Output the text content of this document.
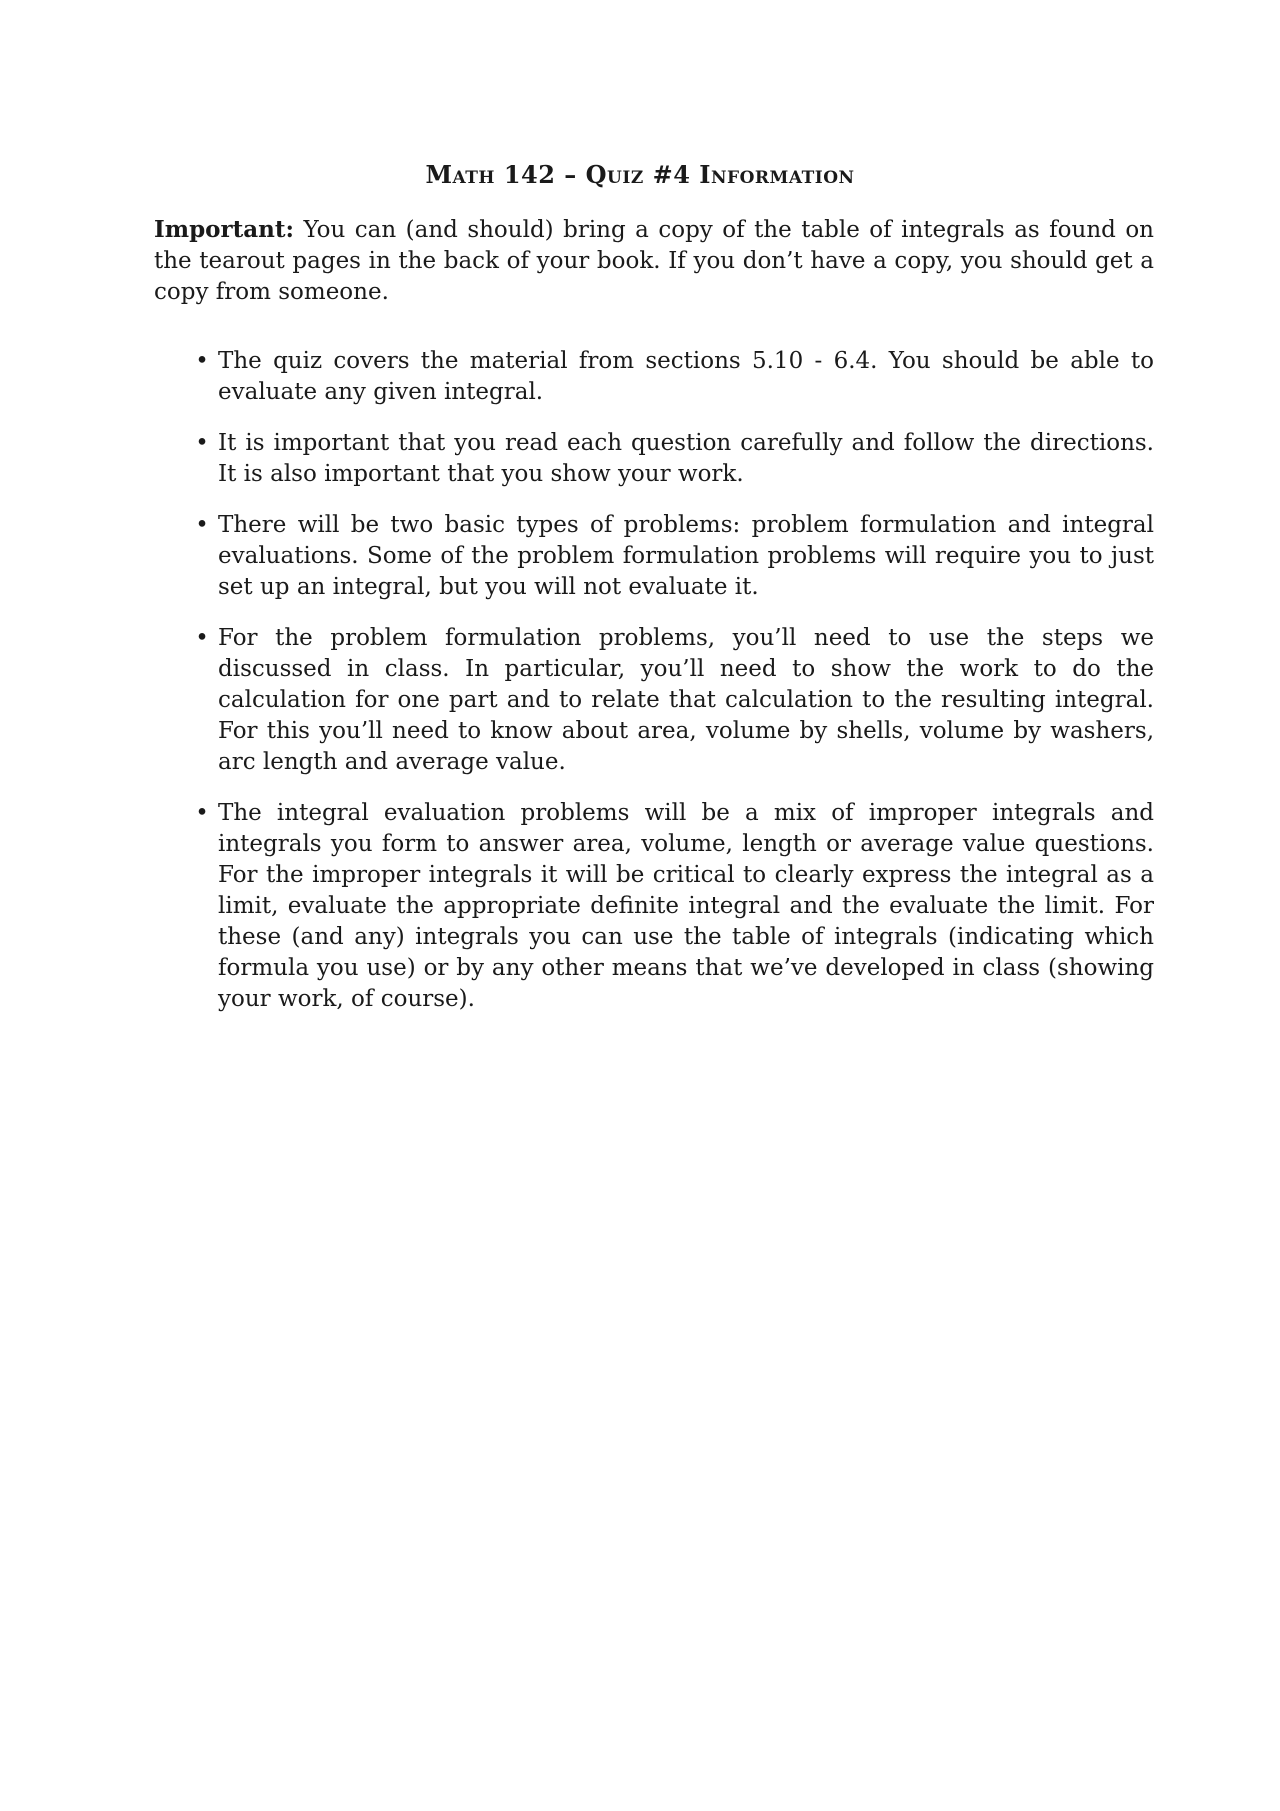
Math 142 – Quiz #4 Information

Important: You can (and should) bring a copy of the table of integrals as found on the tearout pages in the back of your book. If you don’t have a copy, you should get a copy from someone.

• The quiz covers the material from sections 5.10 - 6.4. You should be able to evaluate any given integral.
• It is important that you read each question carefully and follow the directions. It is also important that you show your work.
• There will be two basic types of problems: problem formulation and integral evaluations. Some of the problem formulation problems will require you to just set up an integral, but you will not evaluate it.
• For the problem formulation problems, you’ll need to use the steps we discussed in class. In particular, you’ll need to show the work to do the calculation for one part and to relate that calculation to the resulting integral. For this you’ll need to know about area, volume by shells, volume by washers, arc length and average value.
• The integral evaluation problems will be a mix of improper integrals and integrals you form to answer area, volume, length or average value questions. For the improper integrals it will be critical to clearly express the integral as a limit, evaluate the appropriate definite integral and the evaluate the limit. For these (and any) integrals you can use the table of integrals (indicating which formula you use) or by any other means that we’ve developed in class (showing your work, of course).
